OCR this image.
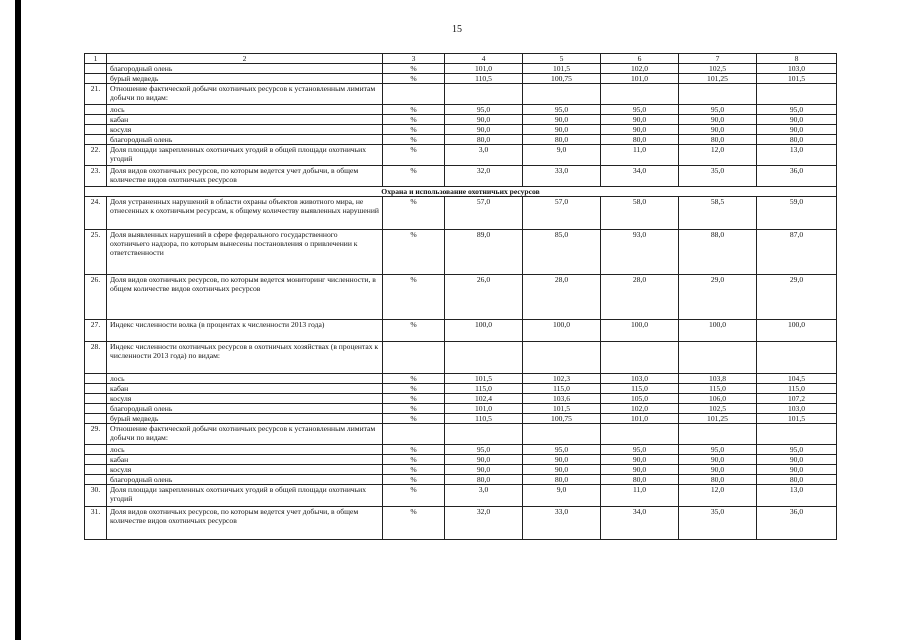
15
1	2	3	4	5	6	7	8
	благородный олень	%	101,0	101,5	102,0	102,5	103,0
	бурый медведь	%	110,5	100,75	101,0	101,25	101,5
21.	Отношение фактической добычи охотничьих ресурсов к установленным лимитам добычи по видам:						
	лось	%	95,0	95,0	95,0	95,0	95,0
	кабан	%	90,0	90,0	90,0	90,0	90,0
	косуля	%	90,0	90,0	90,0	90,0	90,0
	благородный олень	%	80,0	80,0	80,0	80,0	80,0
22.	Доля площади закрепленных охотничьих угодий в общей площади охотничьих угодий	%	3,0	9,0	11,0	12,0	13,0
23.	Доля видов охотничьих ресурсов, по которым ведется учет добычи, в общем количестве видов охотничьих ресурсов	%	32,0	33,0	34,0	35,0	36,0
Охрана и использование охотничьих ресурсов							
24.	Доля устраненных нарушений в области охраны объектов животного мира, не отнесенных к охотничьим ресурсам, к общему количеству выявленных нарушений	%	57,0	57,0	58,0	58,5	59,0
25.	Доля выявленных нарушений в сфере федерального государственного охотничьего надзора, по которым вынесены постановления о привлечении к ответственности	%	89,0	85,0	93,0	88,0	87,0
26.	Доля видов охотничьих ресурсов, по которым ведется мониторинг численности, в общем количестве видов охотничьих ресурсов	%	26,0	28,0	28,0	29,0	29,0
27.	Индекс численности волка (в процентах к численности 2013 года)	%	100,0	100,0	100,0	100,0	100,0
28.	Индекс численности охотничьих ресурсов в охотничьих хозяйствах (в процентах к численности 2013 года) по видам:						
	лось	%	101,5	102,3	103,0	103,8	104,5
	кабан	%	115,0	115,0	115,0	115,0	115,0
	косуля	%	102,4	103,6	105,0	106,0	107,2
	благородный олень	%	101,0	101,5	102,0	102,5	103,0
	бурый медведь	%	110,5	100,75	101,0	101,25	101,5
29.	Отношение фактической добычи охотничьих ресурсов к установленным лимитам добычи по видам:						
	лось	%	95,0	95,0	95,0	95,0	95,0
	кабан	%	90,0	90,0	90,0	90,0	90,0
	косуля	%	90,0	90,0	90,0	90,0	90,0
	благородный олень	%	80,0	80,0	80,0	80,0	80,0
30.	Доля площади закрепленных охотничьих угодий в общей площади охотничьих угодий	%	3,0	9,0	11,0	12,0	13,0
31.	Доля видов охотничьих ресурсов, по которым ведется учет добычи, в общем количестве видов охотничьих ресурсов	%	32,0	33,0	34,0	35,0	36,0
